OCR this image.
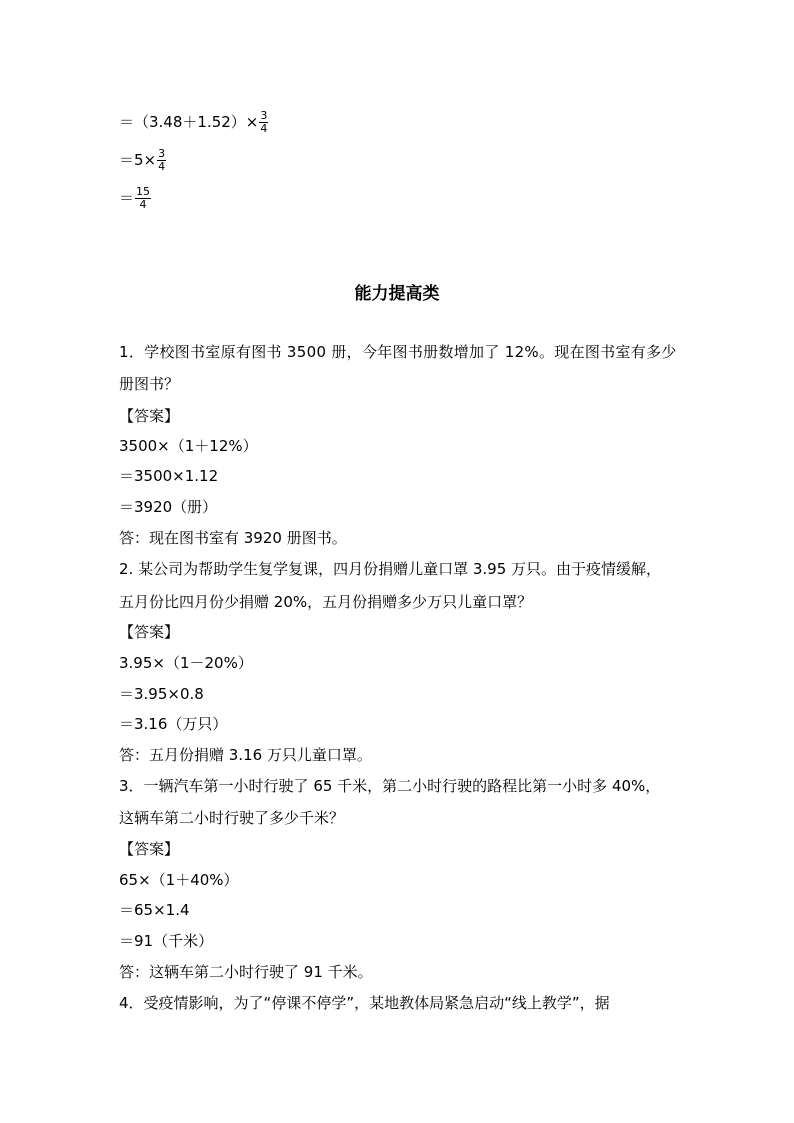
$=(3.48+1.52)\times \frac{3}{4}$
$=5\times \frac{3}{4}$
＝ $\frac{15}{4}$
能力提高类
1．学校图书室原有图书 3500 册，今年图书册数增加了 12%。现在图书室有多少
册图书？
【答案】
3500×（1＋12%）
＝3500×1.12
＝3920（册）
答：现在图书室有 3920 册图书。
2. 某公司为帮助学生复学复课，四月份捐赠儿童口罩 3.95 万只。由于疫情缓解，
五月份比四月份少捐赠 20%，五月份捐赠多少万只儿童口罩？
【答案】
3.95×（1－20%）
＝3.95×0.8
＝3.16（万只）
答：五月份捐赠 3.16 万只儿童口罩。
3．一辆汽车第一小时行驶了 65 千米，第二小时行驶的路程比第一小时多 40%，
这辆车第二小时行驶了多少千米？
【答案】
65×（1＋40%）
＝65×1.4
＝91（千米）
答：这辆车第二小时行驶了 91 千米。
4．受疫情影响，为了“停课不停学”，某地教体局紧急启动“线上教学”，据
